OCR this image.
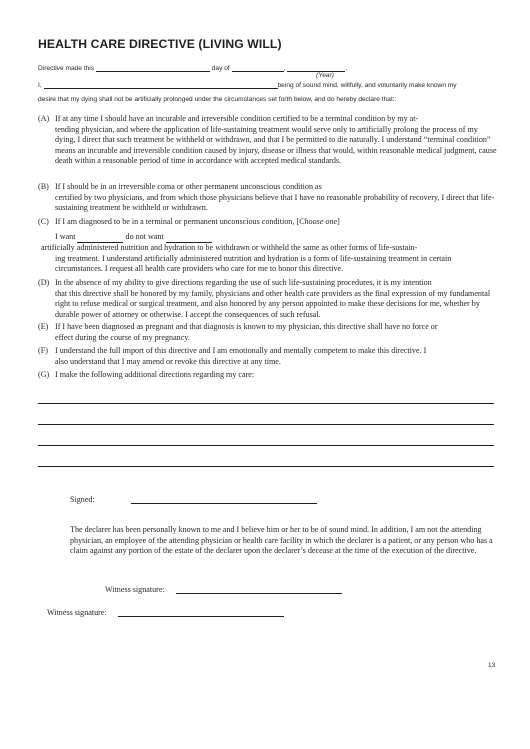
HEALTH CARE DIRECTIVE (LIVING WILL)
Directive made this	day of	,	.
(Year)
I,	being of sound mind, willfully, and voluntarily make known my
desire that my dying shall not be artificially prolonged under the circumstances set forth below, and do hereby declare that::
(A) If at any time I should have an incurable and irreversible condition certified to be a terminal condition by my at-
tending physician, and where the application of life-sustaining treatment would serve only to artificially prolong the process of my dying, I direct that such treatment be withheld or withdrawn, and that I be permitted to die naturally. I understand “terminal condition” means an incurable and irreversible condition caused by injury, disease or illness that would, within reasonable medical judgment, cause death within a reasonable period of time in accordance with accepted medical standards.
(B) If I should be in an irreversible coma or other permanent unconscious condition as
certified by two physicians, and from which those physicians believe that I have no reasonable probability of recovery, I direct that life-sustaining treatment be withheld or withdrawn.
(C) If I am diagnosed to be in a terminal or permanent unconscious condition, [Choose one]
I want	do not want
artificially administered nutrition and hydration to be withdrawn or withheld the same as other forms of life-sustain-
ing treatment. I understand artificially administered nutrition and hydration is a form of life-sustaining treatment in certain circumstances. I request all health care providers who care for me to honor this directive.
(D) In the absence of my ability to give directions regarding the use of such life-sustaining procedures, it is my intention
that this directive shall be honored by my family, physicians and other health care providers as the final expression of my fundamental right to refuse medical or surgical treatment, and also honored by any person appointed to make these decisions for me, whether by durable power of attorney or otherwise. I accept the consequences of such refusal.
(E) If I have been diagnosed as pregnant and that diagnosis is known to my physician, this directive shall have no force or
effect during the course of my pregnancy.
(F) I understand the full import of this directive and I am emotionally and mentally competent to make this directive. I
also understand that I may amend or revoke this directive at any time.
(G) I make the following additional directions regarding my care:
Signed:
The declarer has been personally known to me and I believe him or her to be of sound mind. In addition, I am not the attending physician, an employee of the attending physician or health care facility in which the declarer is a patient, or any person who has a claim against any portion of the estate of the declarer upon the declarer’s decease at the time of the execution of the directive.
Witness signature:
Witness signature:
13
